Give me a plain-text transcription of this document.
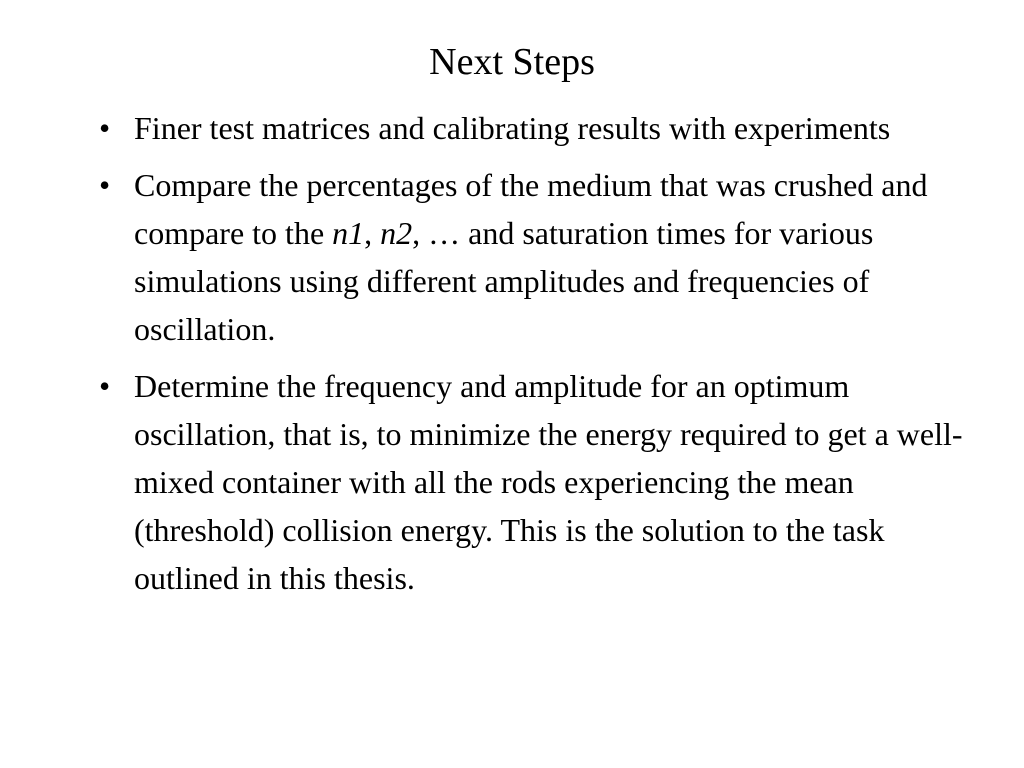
Next Steps
• Finer test matrices and calibrating results with experiments
• Compare the percentages of the medium that was crushed and compare to the n1, n2, … and saturation times for various simulations using different amplitudes and frequencies of oscillation.
• Determine the frequency and amplitude for an optimum oscillation, that is, to minimize the energy required to get a well-mixed container with all the rods experiencing the mean (threshold) collision energy. This is the solution to the task outlined in this thesis.
